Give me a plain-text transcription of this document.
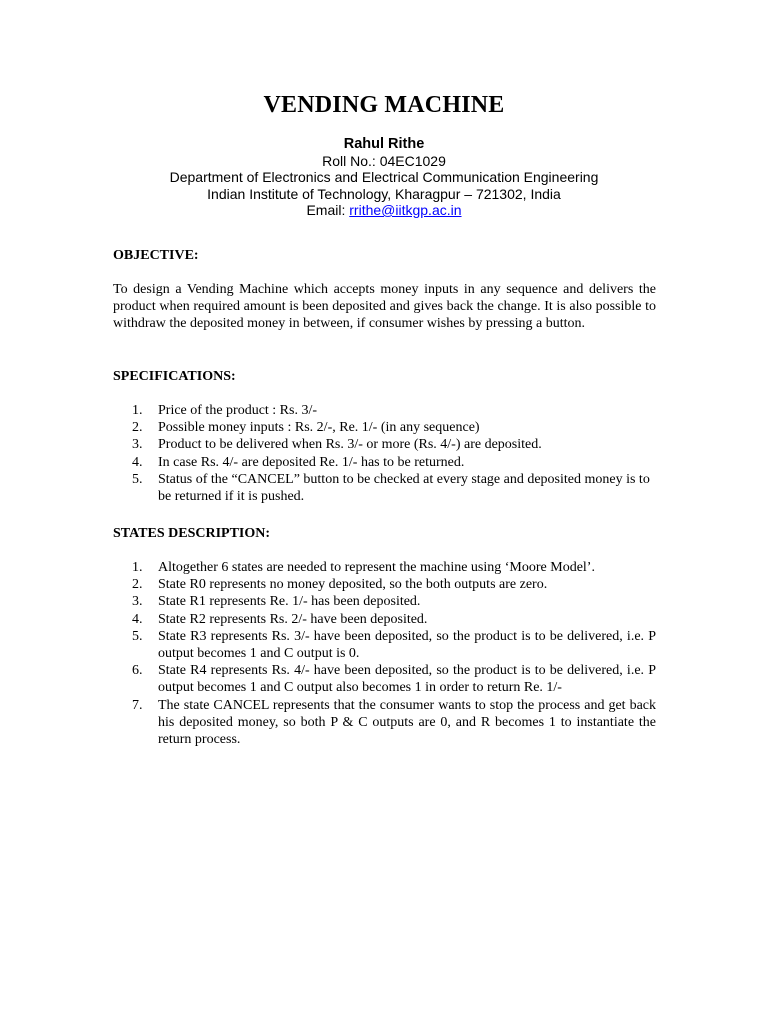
VENDING MACHINE
Rahul Rithe
Roll No.: 04EC1029
Department of Electronics and Electrical Communication Engineering
Indian Institute of Technology, Kharagpur – 721302, India
Email: rrithe@iitkgp.ac.in
OBJECTIVE:
To design a Vending Machine which accepts money inputs in any sequence and delivers the product when required amount is been deposited and gives back the change. It is also possible to withdraw the deposited money in between, if consumer wishes by pressing a button.
SPECIFICATIONS:
1. Price of the product : Rs. 3/-
2. Possible money inputs : Rs. 2/-, Re. 1/- (in any sequence)
3. Product to be delivered when Rs. 3/- or more (Rs. 4/-) are deposited.
4. In case Rs. 4/- are deposited Re. 1/- has to be returned.
5. Status of the “CANCEL” button to be checked at every stage and deposited money is to be returned if it is pushed.
STATES DESCRIPTION:
1. Altogether 6 states are needed to represent the machine using ‘Moore Model’.
2. State R0 represents no money deposited, so the both outputs are zero.
3. State R1 represents Re. 1/- has been deposited.
4. State R2 represents Rs. 2/- have been deposited.
5. State R3 represents Rs. 3/- have been deposited, so the product is to be delivered, i.e. P output becomes 1 and C output is 0.
6. State R4 represents Rs. 4/- have been deposited, so the product is to be delivered, i.e. P output becomes 1 and C output also becomes 1 in order to return Re. 1/-
7. The state CANCEL represents that the consumer wants to stop the process and get back his deposited money, so both P & C outputs are 0, and R becomes 1 to instantiate the return process.
